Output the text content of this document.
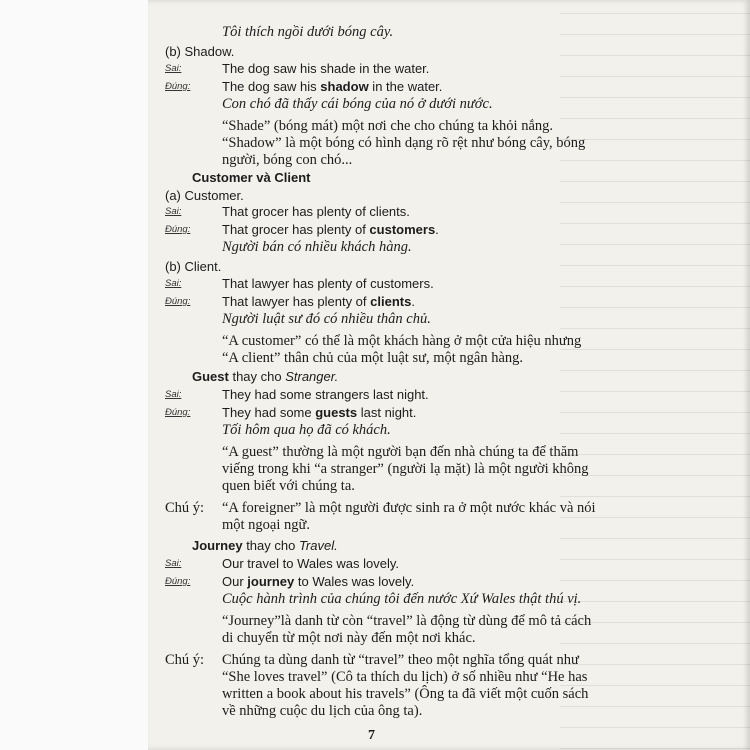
Tôi thích ngồi dưới bóng cây.
(b) Shadow.
Sai:	The dog saw his shade in the water.
Đúng: The dog saw his shadow in the water.
Con chó đã thấy cái bóng của nó ở dưới nước.
“Shade” (bóng mát) một nơi che cho chúng ta khỏi nắng.
“Shadow” là một bóng có hình dạng rõ rệt như bóng cây, bóng
người, bóng con chó...
Customer và Client
(a) Customer.
Sai:	That grocer has plenty of clients.
Đúng: That grocer has plenty of customers.
Người bán có nhiều khách hàng.
(b) Client.
Sai:	That lawyer has plenty of customers.
Đúng: That lawyer has plenty of clients.
Người luật sư đó có nhiều thân chủ.
“A customer” có thể là một khách hàng ở một cửa hiệu nhưng
“A client” thân chủ của một luật sư, một ngân hàng.
Guest thay cho Stranger.
Sai:	They had some strangers last night.
Đúng: They had some guests last night.
Tối hôm qua họ đã có khách.
“A guest” thường là một người bạn đến nhà chúng ta để thăm
viếng trong khi “a stranger” (người lạ mặt) là một người không
quen biết với chúng ta.
Chú ý: “A foreigner” là một người được sinh ra ở một nước khác và nói
một ngoại ngữ.
Journey thay cho Travel.
Sai:	Our travel to Wales was lovely.
Đúng: Our journey to Wales was lovely.
Cuộc hành trình của chúng tôi đến nước Xứ Wales thật thú vị.
“Journey”là danh từ còn “travel” là động từ dùng để mô tả cách
di chuyển từ một nơi này đến một nơi khác.
Chú ý: Chúng ta dùng danh từ “travel” theo một nghĩa tổng quát như
“She loves travel” (Cô ta thích du lịch) ở số nhiều như “He has
written a book about his travels” (Ông ta đã viết một cuốn sách
về những cuộc du lịch của ông ta).
7
